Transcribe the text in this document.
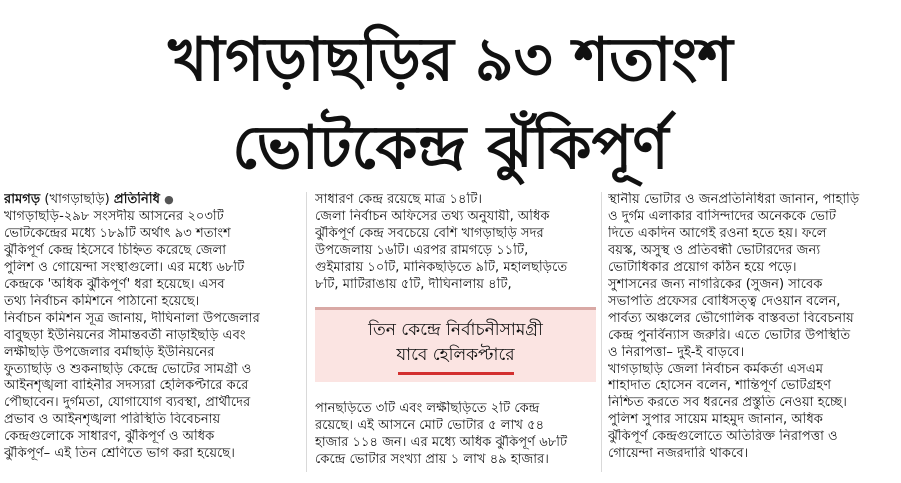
খাগড়াছড়ির ৯৩ শতাংশ
ভোটকেন্দ্র ঝুঁকিপূর্ণ
রামগড় (খাগড়াছড়ি) প্রতিনিধি ●
খাগড়াছড়ি-২৯৮ সংসদীয় আসনের ২০৩টি
ভোটকেন্দ্রের মধ্যে ১৮৯টি অর্থাৎ ৯৩ শতাংশ
ঝুঁকিপূর্ণ কেন্দ্র হিসেবে চিহ্নিত করেছে জেলা
পুলিশ ও গোয়েন্দা সংস্থাগুলো। এর মধ্যে ৬৮টি
কেন্দ্রকে 'অধিক ঝুঁকিপূর্ণ' ধরা হয়েছে। এসব
তথ্য নির্বাচন কমিশনে পাঠানো হয়েছে।
নির্বাচন কমিশন সূত্র জানায়, দীঘিনালা উপজেলার
বাবুছড়া ইউনিয়নের সীমান্তবর্তী নাড়াইছড়ি এবং
লক্ষীছড়ি উপজেলার বর্মাছড়ি ইউনিয়নের
ফুত্যাছড়ি ও শুকনাছড়ি কেন্দ্রে ভোটের সামগ্রী ও
আইনশৃঙ্খলা বাহিনীর সদস্যরা হেলিকপ্টারে করে
পৌছাবেন। দুর্গমতা, যোগাযোগ ব্যবস্থা, প্রার্থীদের
প্রভাব ও আইনশৃঙ্খলা পরিস্থিতি বিবেচনায়
কেন্দ্রগুলোকে সাধারণ, ঝুঁকিপূর্ণ ও অধিক
ঝুঁকিপূর্ণ– এই তিন শ্রেণিতে ভাগ করা হয়েছে।
সাধারণ কেন্দ্র রয়েছে মাত্র ১৪টি।
জেলা নির্বাচন অফিসের তথ্য অনুযায়ী, অধিক
ঝুঁকিপূর্ণ কেন্দ্র সবচেয়ে বেশি খাগড়াছড়ি সদর
উপজেলায় ১৬টি। এরপর রামগড়ে ১১টি,
গুইমারায় ১০টি, মানিকছড়িতে ৯টি, মহালছড়িতে
৮টি, মাটিরাঙায় ৫টি, দীঘিনালায় ৪টি,
তিন কেন্দ্রে নির্বাচনীসামগ্রী
যাবে হেলিকপ্টারে
পানছড়িতে ৩টি এবং লক্ষীছড়িতে ২টি কেন্দ্র
রয়েছে। এই আসনে মোট ভোটার ৫ লাখ ৫৪
হাজার ১১৪ জন। এর মধ্যে অধিক ঝুঁকিপূর্ণ ৬৮টি
কেন্দ্রে ভোটার সংখ্যা প্রায় ১ লাখ ৪৯ হাজার।
স্থানীয় ভোটার ও জনপ্রতিনিধিরা জানান, পাহাড়ি
ও দুর্গম এলাকার বাসিন্দাদের অনেককে ভোট
দিতে একদিন আগেই রওনা হতে হয়। ফলে
বয়স্ক, অসুস্থ ও প্রতিবন্ধী ভোটারদের জন্য
ভোটাধিকার প্রয়োগ কঠিন হয়ে পড়ে।
সুশাসনের জন্য নাগরিকের (সুজন) সাবেক
সভাপতি প্রফেসর বোধিসত্ত্ব দেওয়ান বলেন,
পার্বত্য অঞ্চলের ভৌগোলিক বাস্তবতা বিবেচনায়
কেন্দ্র পুনর্বিন্যাস জরুরি। এতে ভোটার উপস্থিতি
ও নিরাপত্তা– দুই-ই বাড়বে।
খাগড়াছড়ি জেলা নির্বাচন কর্মকর্তা এসএম
শাহাদাত হোসেন বলেন, শান্তিপূর্ণ ভোটগ্রহণ
নিশ্চিত করতে সব ধরনের প্রস্তুতি নেওয়া হচ্ছে।
পুলিশ সুপার সায়েম মাহমুদ জানান, অধিক
ঝুঁকিপূর্ণ কেন্দ্রগুলোতে অতিরিক্ত নিরাপত্তা ও
গোয়েন্দা নজরদারি থাকবে।
